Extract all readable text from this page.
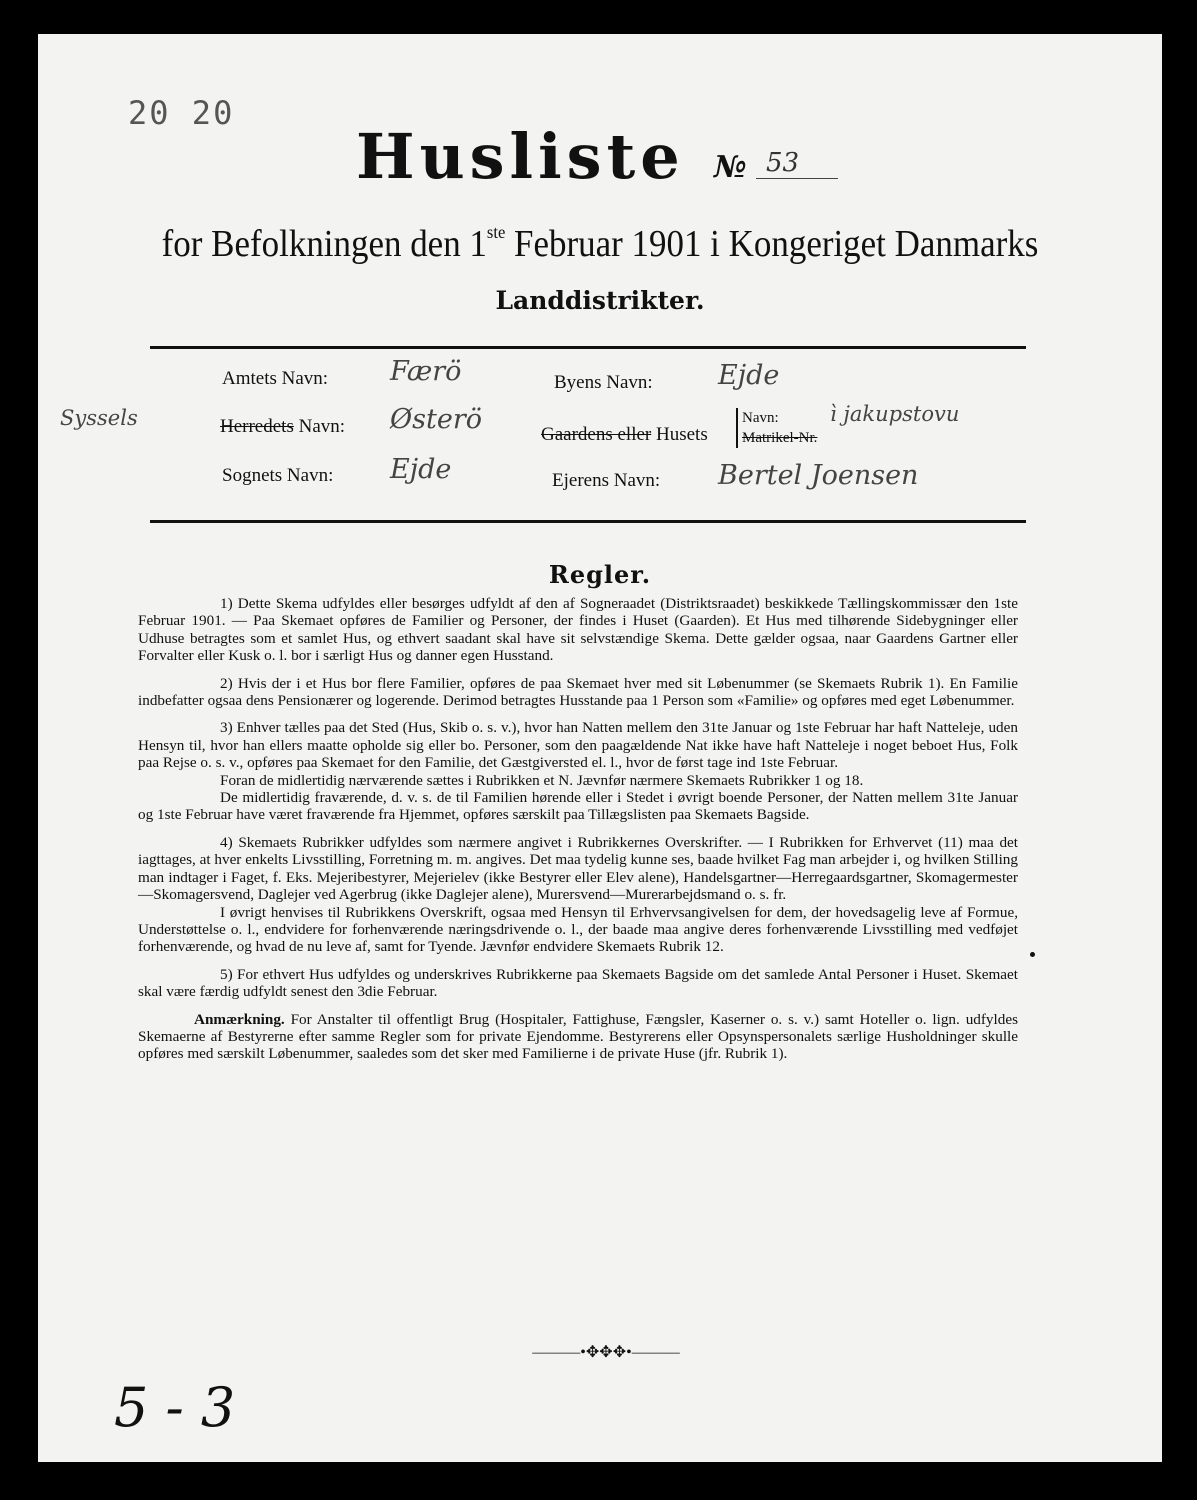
20 20
Husliste № 53
for Befolkningen den 1ste Februar 1901 i Kongeriget Danmarks
Landdistrikter.
Syssels
Amtets Navn: Færö
Herredets Navn: Østerö
Sognets Navn: Ejde
Byens Navn: Ejde
Gaardens eller Husets
Navn:
Matrikel-Nr.
ì jakupstovu
Ejerens Navn: Bertel Joensen
Regler.

1) Dette Skema udfyldes eller besørges udfyldt af den af Sogneraadet (Distriktsraadet) beskikkede Tællingskommissær den 1ste Februar 1901. — Paa Skemaet opføres de Familier og Personer, der findes i Huset (Gaarden). Et Hus med tilhørende Sidebygninger eller Udhuse betragtes som et samlet Hus, og ethvert saadant skal have sit selvstændige Skema. Dette gælder ogsaa, naar Gaardens Gartner eller Forvalter eller Kusk o. l. bor i særligt Hus og danner egen Husstand.

2) Hvis der i et Hus bor flere Familier, opføres de paa Skemaet hver med sit Løbenummer (se Skemaets Rubrik 1). En Familie indbefatter ogsaa dens Pensionærer og logerende. Derimod betragtes Husstande paa 1 Person som «Familie» og opføres med eget Løbenummer.

3) Enhver tælles paa det Sted (Hus, Skib o. s. v.), hvor han Natten mellem den 31te Januar og 1ste Februar har haft Natteleje, uden Hensyn til, hvor han ellers maatte opholde sig eller bo. Personer, som den paagældende Nat ikke have haft Natteleje i noget beboet Hus, Folk paa Rejse o. s. v., opføres paa Skemaet for den Familie, det Gæstgiversted el. l., hvor de først tage ind 1ste Februar.

Foran de midlertidig nærværende sættes i Rubrikken et N. Jævnfør nærmere Skemaets Rubrikker 1 og 18.

De midlertidig fraværende, d. v. s. de til Familien hørende eller i Stedet i øvrigt boende Personer, der Natten mellem 31te Januar og 1ste Februar have været fraværende fra Hjemmet, opføres særskilt paa Tillægslisten paa Skemaets Bagside.

4) Skemaets Rubrikker udfyldes som nærmere angivet i Rubrikkernes Overskrifter. — I Rubrikken for Erhvervet (11) maa det iagttages, at hver enkelts Livsstilling, Forretning m. m. angives. Det maa tydelig kunne ses, baade hvilket Fag man arbejder i, og hvilken Stilling man indtager i Faget, f. Eks. Mejeribestyrer, Mejerielev (ikke Bestyrer eller Elev alene), Handelsgartner—Herregaardsgartner, Skomagermester—Skomagersvend, Daglejer ved Agerbrug (ikke Daglejer alene), Murersvend—Murerarbejdsmand o. s. fr.

I øvrigt henvises til Rubrikkens Overskrift, ogsaa med Hensyn til Erhvervsangivelsen for dem, der hovedsagelig leve af Formue, Understøttelse o. l., endvidere for forhenværende næringsdrivende o. l., der baade maa angive deres forhenværende Livsstilling med vedføjet forhenværende, og hvad de nu leve af, samt for Tyende. Jævnfør endvidere Skemaets Rubrik 12.

5) For ethvert Hus udfyldes og underskrives Rubrikkerne paa Skemaets Bagside om det samlede Antal Personer i Huset. Skemaet skal være færdig udfyldt senest den 3die Februar.

Anmærkning. For Anstalter til offentligt Brug (Hospitaler, Fattighuse, Fængsler, Kaserner o. s. v.) samt Hoteller o. lign. udfyldes Skemaerne af Bestyrerne efter samme Regler som for private Ejendomme. Bestyrerens eller Opsynspersonalets særlige Husholdninger skulle opføres med særskilt Løbenummer, saaledes som det sker med Familierne i de private Huse (jfr. Rubrik 1).

———•✥✥✥•———
5 - 3
